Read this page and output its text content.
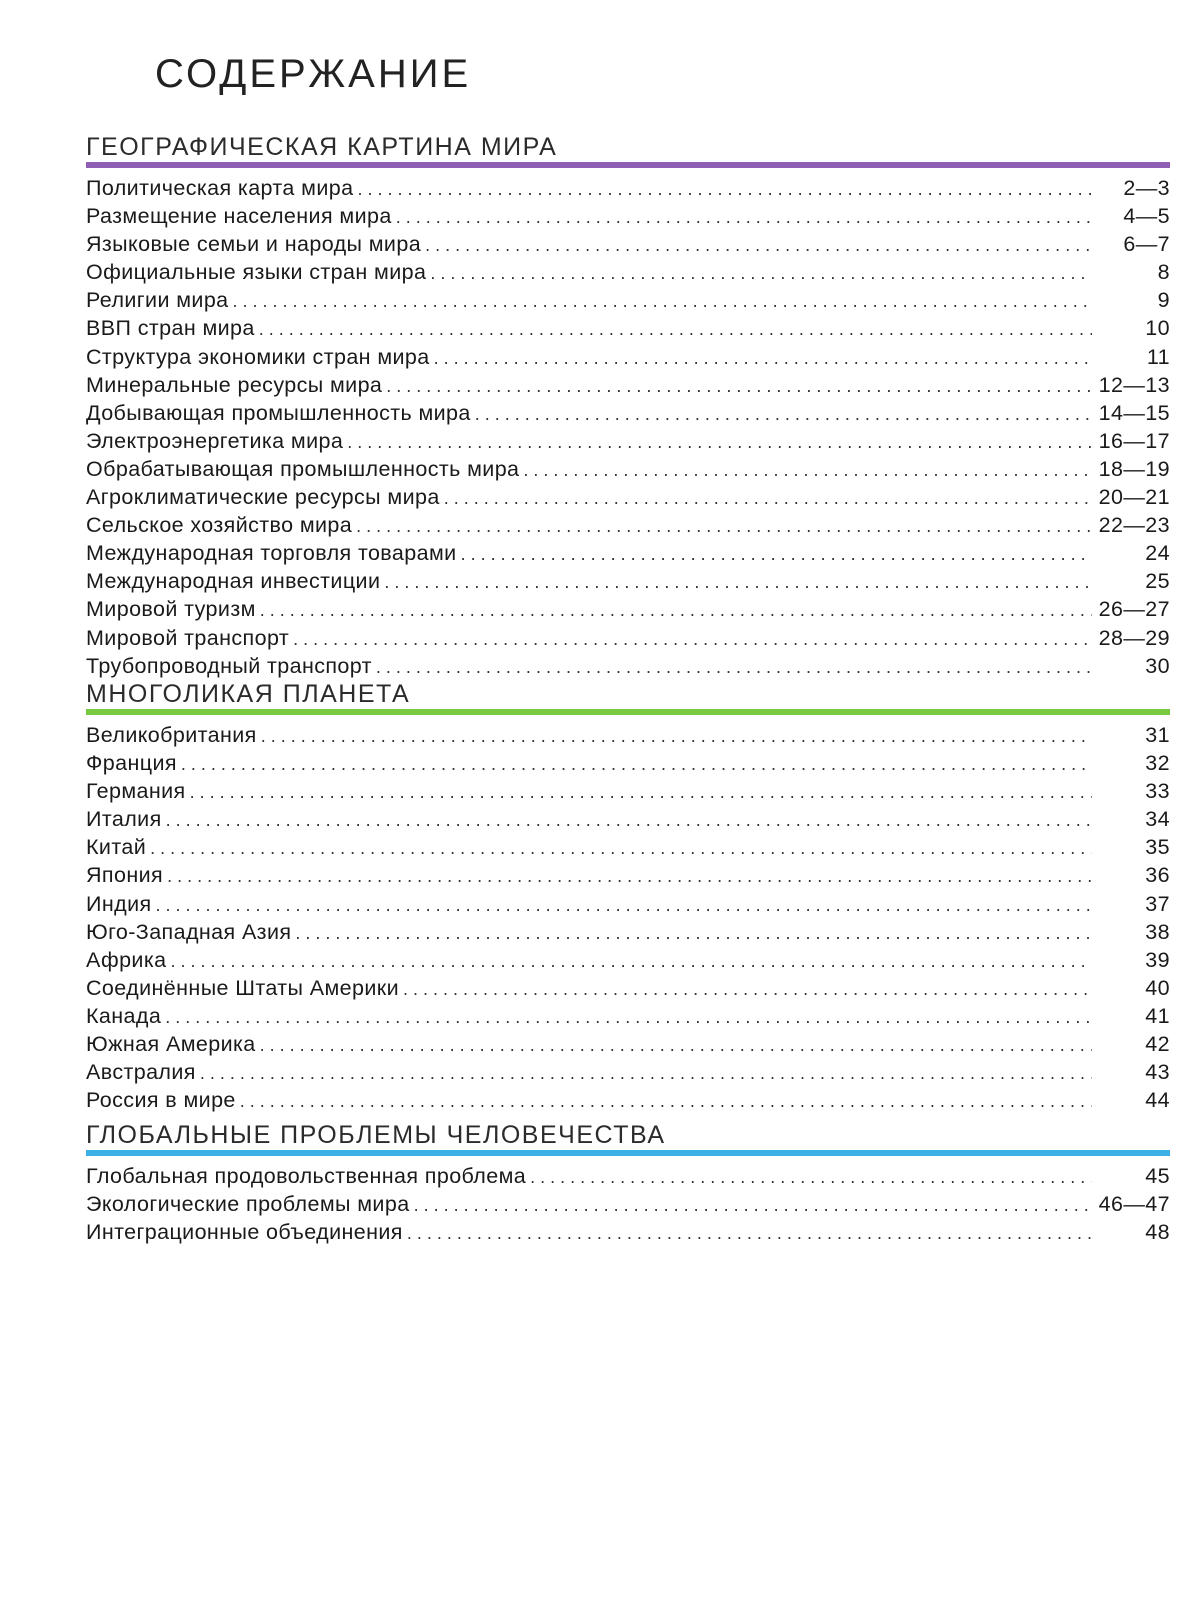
СОДЕРЖАНИЕ
ГЕОГРАФИЧЕСКАЯ КАРТИНА МИРА
Политическая карта мира . . .	2—3
Размещение населения мира . . .	4—5
Языковые семьи и народы мира . . .	6—7
Официальные языки стран мира . . .	8
Религии мира . . .	9
ВВП стран мира . . .	10
Структура экономики стран мира . . .	11
Минеральные ресурсы мира . . .	12—13
Добывающая промышленность мира . . .	14—15
Электроэнергетика мира . . .	16—17
Обрабатывающая промышленность мира . . .	18—19
Агроклиматические ресурсы мира . . .	20—21
Сельское хозяйство мира . . .	22—23
Международная торговля товарами . . .	24
Международная инвестиции . . .	25
Мировой туризм . . .	26—27
Мировой транспорт . . .	28—29
Трубопроводный транспорт . . .	30
МНОГОЛИКАЯ ПЛАНЕТА
Великобритания . . .	31
Франция . . .	32
Германия . . .	33
Италия . . .	34
Китай . . .	35
Япония . . .	36
Индия . . .	37
Юго-Западная Азия . . .	38
Африка . . .	39
Соединённые Штаты Америки . . .	40
Канада . . .	41
Южная Америка . . .	42
Австралия . . .	43
Россия в мире . . .	44
ГЛОБАЛЬНЫЕ ПРОБЛЕМЫ ЧЕЛОВЕЧЕСТВА
Глобальная продовольственная проблема . . .	45
Экологические проблемы мира . . .	46—47
Интеграционные объединения . . .	48
